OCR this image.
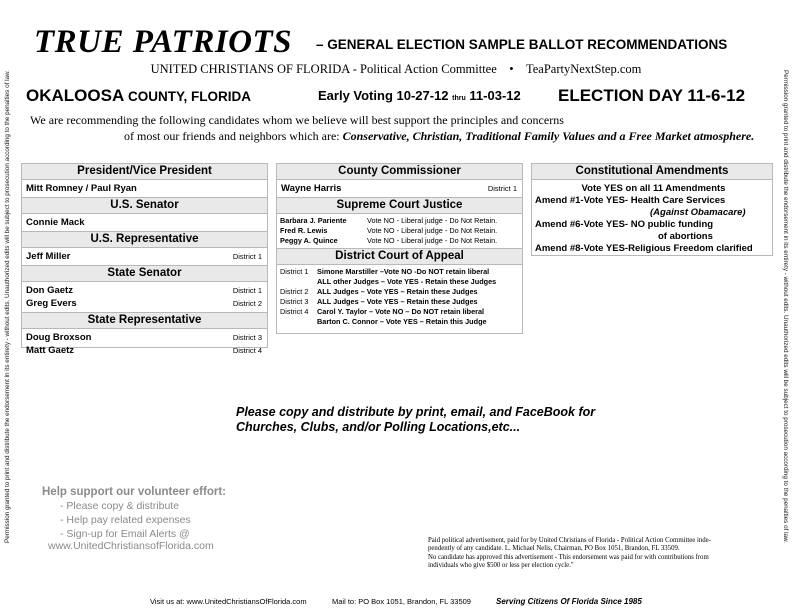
Permission granted to print and distribute the endorsement in its entirety - without edits. Unauthorized edits will be subject to prosecution according to the penalties of law.	Permission granted to print and distribute the endorsement in its entirety - without edits. Unauthorized edits will be subject to prosecution according to the penalties of law.
TRUE PATRIOTS – GENERAL ELECTION SAMPLE BALLOT RECOMMENDATIONS
UNITED CHRISTIANS OF FLORIDA - Political Action Committee • TeaPartyNextStep.com
OKALOOSA COUNTY, FLORIDA	Early Voting 10-27-12 thru 11-03-12 ELECTION DAY 11-6-12
We are recommending the following candidates whom we believe will best support the principles and concerns
of most our friends and neighbors which are: Conservative, Christian, Traditional Family Values and a Free Market atmosphere.
President/Vice President
Mitt Romney / Paul Ryan
U.S. Senator
Connie Mack
U.S. Representative
Jeff Miller	District 1
State Senator
Don Gaetz	District 1
Greg Evers	District 2
State Representative
Doug Broxson	District 3
Matt Gaetz	District 4
County Commissioner
Wayne Harris	District 1
Supreme Court Justice
Barbara J. Pariente	Vote NO - Liberal judge - Do Not Retain.
Fred R. Lewis	Vote NO - Liberal judge - Do Not Retain.
Peggy A. Quince	Vote NO - Liberal judge - Do Not Retain.
District Court of Appeal
District 1	Simone Marstiller –Vote NO -Do NOT retain liberal
ALL other Judges – Vote YES - Retain these Judges
District 2	ALL Judges – Vote YES – Retain these Judges
District 3	ALL Judges – Vote YES – Retain these Judges
District 4	Carol Y. Taylor – Vote NO – Do NOT retain liberal
Barton C. Connor – Vote YES – Retain this Judge
Constitutional Amendments
Vote YES on all 11 Amendments
Amend #1-Vote YES- Health Care Services
(Against Obamacare)
Amend #6-Vote YES- NO public funding
of abortions
Amend #8-Vote YES-Religious Freedom clarified
Please copy and distribute by print, email, and FaceBook for
Churches, Clubs, and/or Polling Locations,etc...
Help support our volunteer effort:
- Please copy & distribute
- Help pay related expenses
- Sign-up for Email Alerts @
www.UnitedChristiansofFlorida.com	Paid political advertisement, paid for by United Christians of Florida - Political Action Committee inde-
pendently of any candidate. L. Michael Nelis, Chairman, PO Box 1051, Brandon, FL 33509.
No candidate has approved this advertisement - This endorsement was paid for with contributions from
individuals who give $500 or less per election cycle."
Visit us at: www.UnitedChristiansOfFlorida.com	Mail to: PO Box 1051, Brandon, FL 33509	Serving Citizens Of Florida Since 1985
